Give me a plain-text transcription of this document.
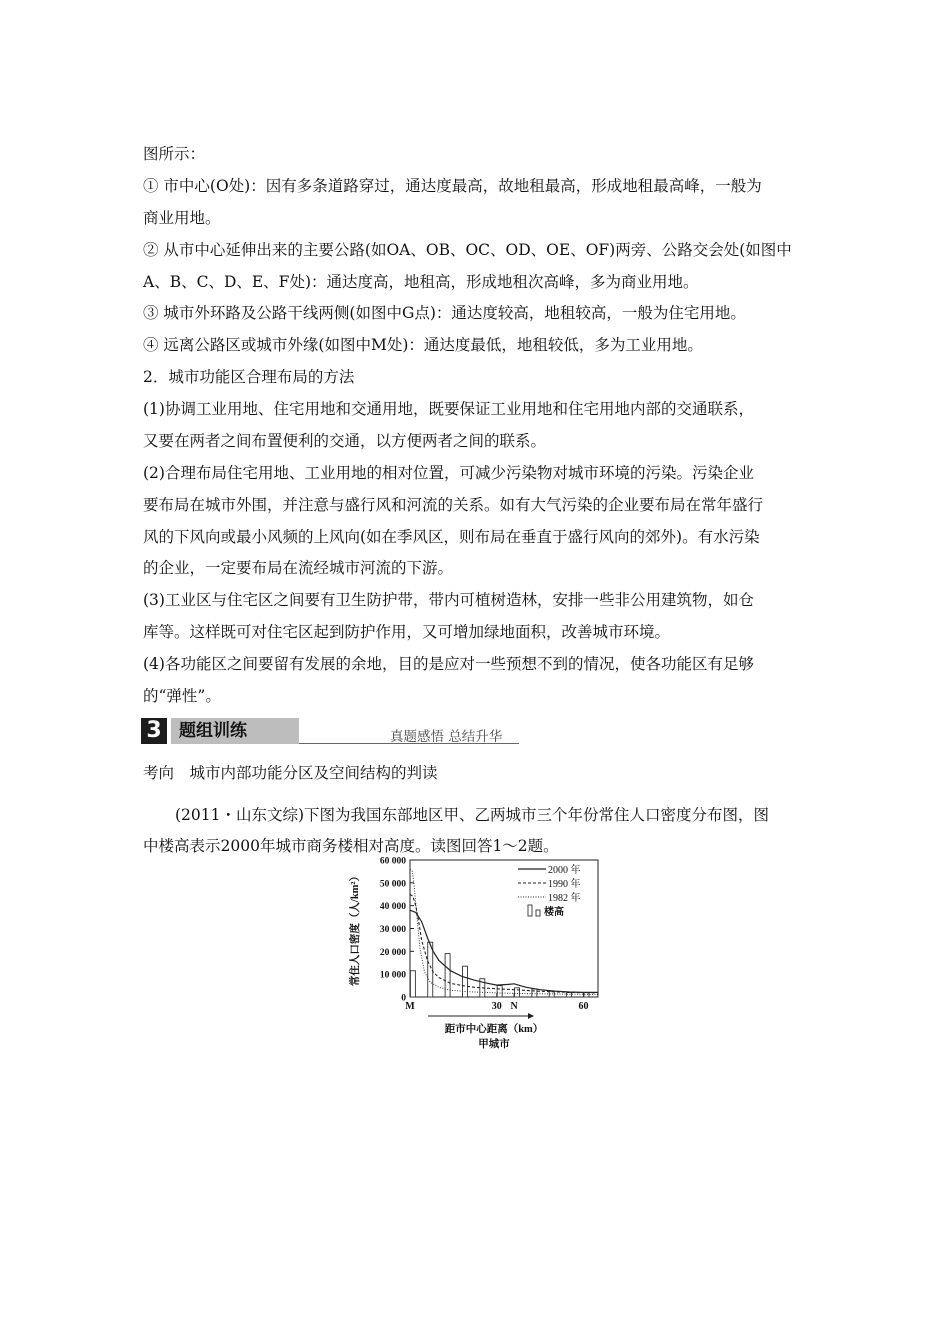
图所示：

① 市中心(O处)：因有多条道路穿过，通达度最高，故地租最高，形成地租最高峰，一般为

商业用地。

② 从市中心延伸出来的主要公路(如OA、OB、OC、OD、OE、OF)两旁、公路交会处(如图中

A、B、C、D、E、F处)：通达度高，地租高，形成地租次高峰，多为商业用地。

③ 城市外环路及公路干线两侧(如图中G点)：通达度较高，地租较高，一般为住宅用地。

④ 远离公路区或城市外缘(如图中M处)：通达度最低，地租较低，多为工业用地。

2．城市功能区合理布局的方法

(1)协调工业用地、住宅用地和交通用地，既要保证工业用地和住宅用地内部的交通联系，

又要在两者之间布置便利的交通，以方便两者之间的联系。

(2)合理布局住宅用地、工业用地的相对位置，可减少污染物对城市环境的污染。污染企业

要布局在城市外围，并注意与盛行风和河流的关系。如有大气污染的企业要布局在常年盛行

风的下风向或最小风频的上风向(如在季风区，则布局在垂直于盛行风向的郊外)。有水污染

的企业，一定要布局在流经城市河流的下游。

(3)工业区与住宅区之间要有卫生防护带，带内可植树造林，安排一些非公用建筑物，如仓

库等。这样既可对住宅区起到防护作用，又可增加绿地面积，改善城市环境。

(4)各功能区之间要留有发展的余地，目的是应对一些预想不到的情况，使各功能区有足够

的“弹性”。

3	题组训练	真题感悟 总结升华

考向　城市内部功能分区及空间结构的判读

(2011・山东文综)下图为我国东部地区甲、乙两城市三个年份常住人口密度分布图，图

中楼高表示2000年城市商务楼相对高度。读图回答1～2题。

0
10 000
20 000
30 000
40 000
50 000
60 000
M	30 N	60
2000 年
1990 年
1982 年
楼高
常住人口密度（人/km²）
距市中心距离（km）
甲城市
